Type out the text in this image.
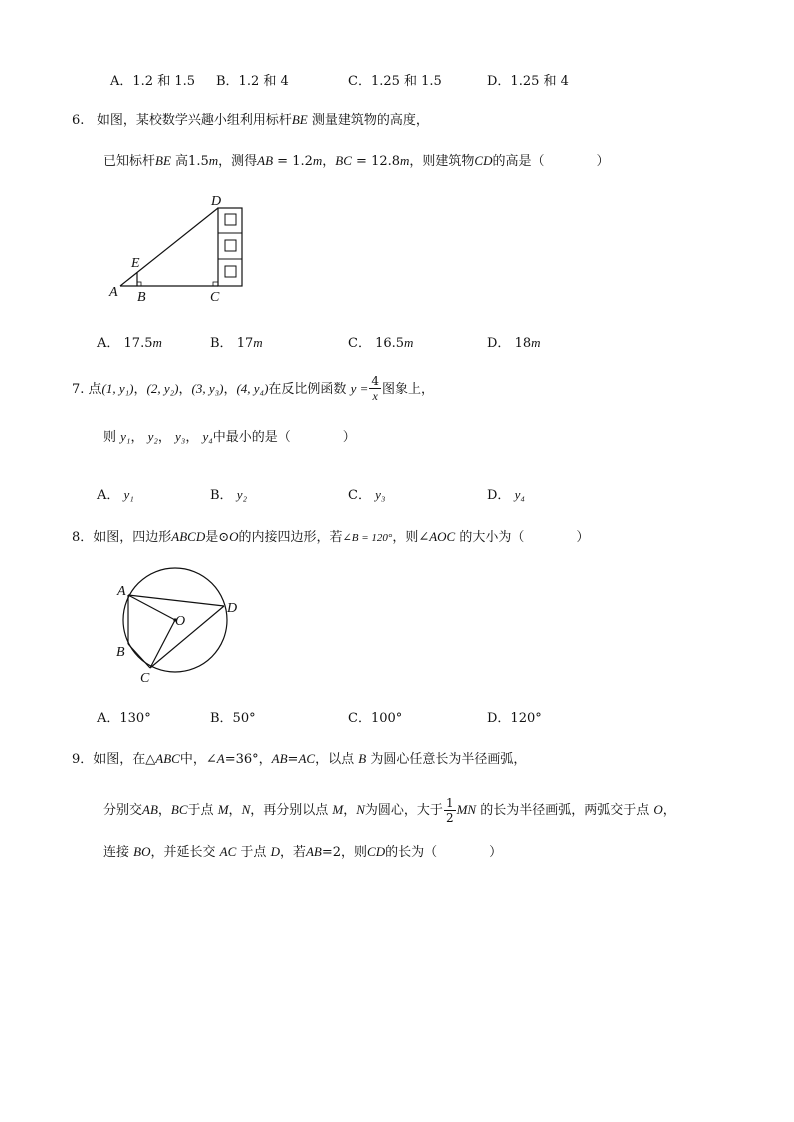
A．1.2 和 1.5 B．1.2 和 4	C．1.25 和 1.5	D．1.25 和 4
6. 如图，某校数学兴趣小组利用标杆BE 测量建筑物的高度，
已知标杆BE 高1.5m，测得AB = 1.2m，BC = 12.8m，则建筑物CD的高是（　　　　）
D
E
A B	C
A． 17.5m	B． 17m	C． 16.5m	D． 18m
7. 点(1, y₁)，(2, y₂)，(3, y₃)，(4, y₄)在反比例函数 $y = \frac{4}{x}$ 图象上，
则 y₁， y₂， y₃， y₄中最小的是（　　　　）
A． y₁	B． y₂	C． y₃	D． y₄
8．如图，四边形ABCD是⊙O的内接四边形，若∠B = 120°，则∠AOC 的大小为（　　　　）
A
O
D
B
C
A．130°	B．50°	C．100°	D．120°
9．如图，在△ABC中，∠A=36°，AB=AC，以点 B 为圆心任意长为半径画弧，
分别交AB，BC于点 M，N，再分别以点 M，N为圆心，大于 $\frac{1}{2}$ MN 的长为半径画弧，两弧交于点 O，
连接 BO，并延长交 AC 于点 D，若AB=2，则CD的长为（　　　　）
